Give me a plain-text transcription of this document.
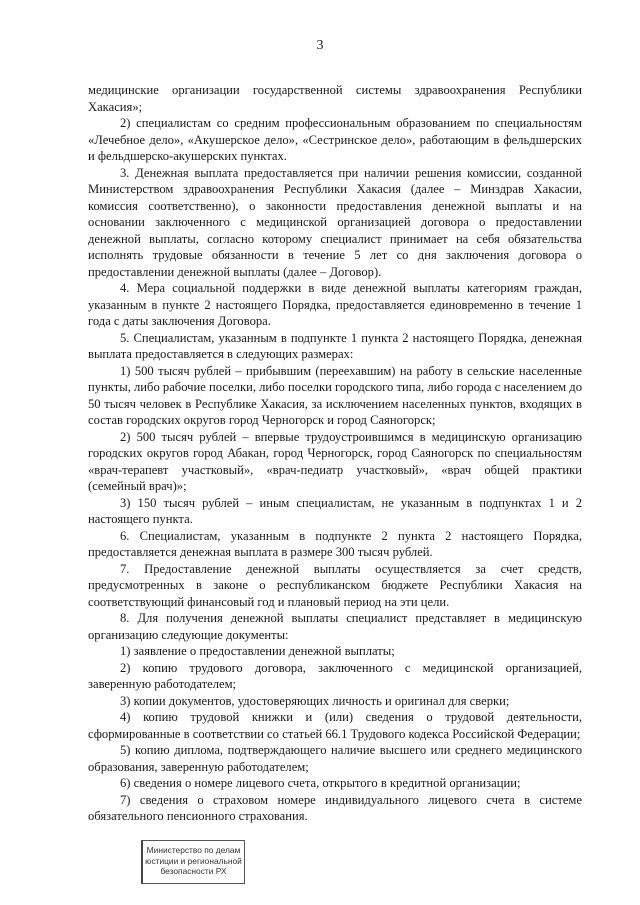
3

медицинские организации государственной системы здравоохранения Республики Хакасия»;

2) специалистам со средним профессиональным образованием по специальностям «Лечебное дело», «Акушерское дело», «Сестринское дело», работающим в фельдшерских и фельдшерско-акушерских пунктах.

3. Денежная выплата предоставляется при наличии решения комиссии, созданной Министерством здравоохранения Республики Хакасия (далее – Минздрав Хакасии, комиссия соответственно), о законности предоставления денежной выплаты и на основании заключенного с медицинской организацией договора о предоставлении денежной выплаты, согласно которому специалист принимает на себя обязательства исполнять трудовые обязанности в течение 5 лет со дня заключения договора о предоставлении денежной выплаты (далее – Договор).

4. Мера социальной поддержки в виде денежной выплаты категориям граждан, указанным в пункте 2 настоящего Порядка, предоставляется единовременно в течение 1 года с даты заключения Договора.

5. Специалистам, указанным в подпункте 1 пункта 2 настоящего Порядка, денежная выплата предоставляется в следующих размерах:

1) 500 тысяч рублей – прибывшим (переехавшим) на работу в сельские населенные пункты, либо рабочие поселки, либо поселки городского типа, либо города с населением до 50 тысяч человек в Республике Хакасия, за исключением населенных пунктов, входящих в состав городских округов город Черногорск и город Саяногорск;

2) 500 тысяч рублей – впервые трудоустроившимся в медицинскую организацию городских округов город Абакан, город Черногорск, город Саяногорск по специальностям «врач-терапевт участковый», «врач-педиатр участковый», «врач общей практики (семейный врач)»;

3) 150 тысяч рублей – иным специалистам, не указанным в подпунктах 1 и 2 настоящего пункта.

6. Специалистам, указанным в подпункте 2 пункта 2 настоящего Порядка, предоставляется денежная выплата в размере 300 тысяч рублей.

7. Предоставление денежной выплаты осуществляется за счет средств, предусмотренных в законе о республиканском бюджете Республики Хакасия на соответствующий финансовый год и плановый период на эти цели.

8. Для получения денежной выплаты специалист представляет в медицинскую организацию следующие документы:

1) заявление о предоставлении денежной выплаты;

2) копию трудового договора, заключенного с медицинской организацией, заверенную работодателем;

3) копии документов, удостоверяющих личность и оригинал для сверки;

4) копию трудовой книжки и (или) сведения о трудовой деятельности, сформированные в соответствии со статьей 66.1 Трудового кодекса Российской Федерации;

5) копию диплома, подтверждающего наличие высшего или среднего медицинского образования, заверенную работодателем;

6) сведения о номере лицевого счета, открытого в кредитной организации;

7) сведения о страховом номере индивидуального лицевого счета в системе обязательного пенсионного страхования.

Министерство по делам
юстиции и региональной
безопасности РХ
